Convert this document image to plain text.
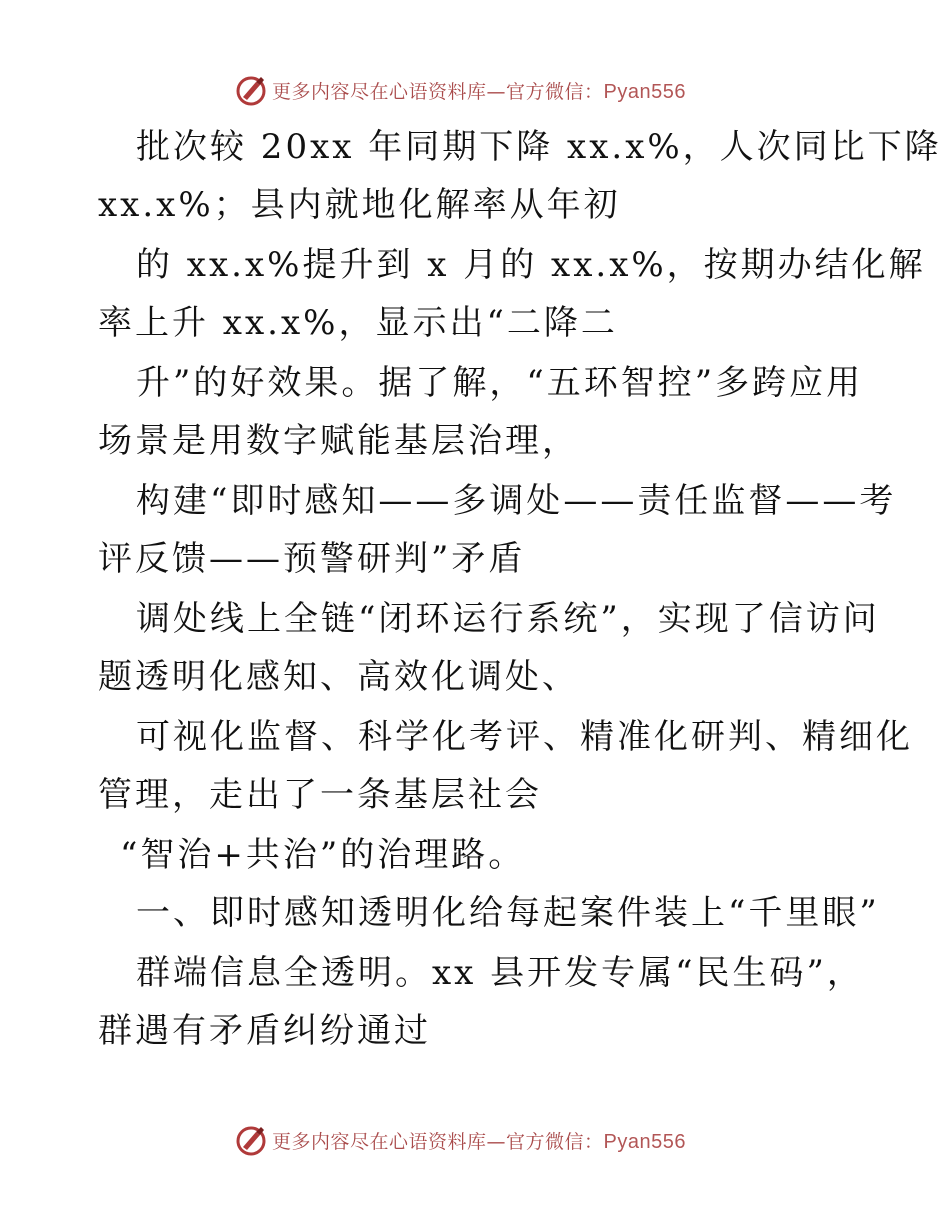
更多内容尽在心语资料库—官方微信：Pyan556
批次较 20xx 年同期下降 xx.x%，人次同比下降
xx.x%；县内就地化解率从年初
的 xx.x%提升到 x 月的 xx.x%，按期办结化解
率上升 xx.x%，显示出“二降二
升”的好效果。据了解，“五环智控”多跨应用
场景是用数字赋能基层治理，
构建“即时感知——多调处——责任监督——考
评反馈——预警研判”矛盾
调处线上全链“闭环运行系统”，实现了信访问
题透明化感知、高效化调处、
可视化监督、科学化考评、精准化研判、精细化
管理，走出了一条基层社会
“智治+共治”的治理路。
一、即时感知透明化给每起案件装上“千里眼”
群端信息全透明。xx 县开发专属“民生码”，
群遇有矛盾纠纷通过
更多内容尽在心语资料库—官方微信：Pyan556
